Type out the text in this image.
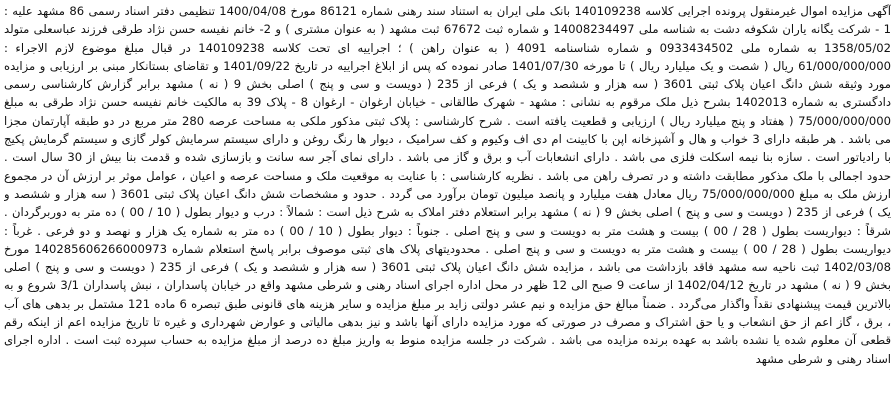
آگهی مزایده اموال غیرمنقول پرونده اجرایی کلاسه 140109238 بانک ملی ایران به استناد سند رهنی شماره 86121 مورخ 1400/04/08 تنظیمی دفتر اسناد رسمی 86 مشهد علیه : 1 - شرکت یگانه یاران شکوفه دشت به شناسه ملی 14008234497 و شماره ثبت 67672 ثبت مشهد ( به عنوان مشتری ) و 2- خانم نفیسه حسن نژاد طرقی فرزند عباسعلی متولد 1358/05/02 به شماره ملی 0933434502 و شماره شناسنامه 4091 ( به عنوان راهن ) ؛ اجراییه ای تحت کلاسه 140109238 در قبال مبلغ موضوع لازم الاجراء : 61/000/000/000 ریال ( شصت و یک میلیارد ریال ) تا مورخه 1401/07/30 صادر نموده که پس از ابلاغ اجراییه در تاریخ 1401/09/22 و تقاضای بستانکار مبنی بر ارزیابی و مزایده مورد وثیقه شش دانگ اعیان پلاک ثبتی 3601 ( سه هزار و ششصد و یک ) فرعی از 235 ( دویست و سی و پنج ) اصلی بخش 9 ( نه ) مشهد برابر گزارش کارشناسی رسمی دادگستری به شماره 1402013 بشرح ذیل ملک مرقوم به نشانی : مشهد - شهرک طالقانی - خیابان ارغوان - ارغوان 8 - پلاک 39 به مالکیت خانم نفیسه حسن نژاد طرقی به مبلغ 75/000/000/000 ( هفتاد و پنج میلیارد ریال ) ارزیابی و قطعیت یافته است . شرح کارشناسی : پلاک ثبتی مذکور ملکی به مساحت عرصه 280 متر مربع در دو طبقه آپارتمان مجزا می باشد . هر طبقه دارای 3 خواب و هال و آشپزخانه اپن با کابینت ام دی اف وکیوم و کف سرامیک ، دیوار ها رنگ روغن و دارای سیستم سرمایش کولر گازی و سیستم گرمایش پکیج با رادیاتور است . سازه بنا نیمه اسکلت فلزی می باشد . دارای انشعابات آب و برق و گاز می باشد . دارای نمای آجر سه سانت و بازسازی شده و قدمت بنا بیش از 30 سال است . حدود اجمالی با ملک مذکور مطابقت داشته و در تصرف راهن می باشد . نظریه کارشناسی : با عنایت به موقعیت ملک و مساحت عرصه و اعیان ، عوامل موثر بر ارزش آن در مجموع ارزش ملک به مبلغ 75/000/000/000 ریال معادل هفت میلیارد و پانصد میلیون تومان برآورد می گردد . حدود و مشخصات شش دانگ اعیان پلاک ثبتی 3601 ( سه هزار و ششصد و یک ) فرعی از 235 ( دویست و سی و پنج ) اصلی بخش 9 ( نه ) مشهد برابر استعلام دفتر املاک به شرح ذیل است : شمالاً : درب و دیوار بطول ( 10 / 00 ) ده متر به دوربرگردان . شرقاً : دیواریست بطول ( 28 / 00 ) بیست و هشت متر به دویست و سی و پنج اصلی . جنوباً : دیوار بطول ( 10 / 00 ) ده متر به شماره یک هزار و نهصد و دو فرعی . غرباً : دیواریست بطول ( 28 / 00 ) بیست و هشت متر به دویست و سی و پنج اصلی . محدودیتهای پلاک های ثبتی موصوف برابر پاسخ استعلام شماره 140285606266000973 مورخ 1402/03/08 ثبت ناحیه سه مشهد فاقد بازداشت می باشد ، مزایده شش دانگ اعیان پلاک ثبتی 3601 ( سه هزار و ششصد و یک ) فرعی از 235 ( دویست و سی و پنج ) اصلی بخش 9 ( نه ) مشهد در تاریخ 1402/04/12 از ساعت 9 صبح الی 12 ظهر در محل اداره اجرای اسناد رهنی و شرطی مشهد واقع در خیابان پاسداران ، نبش پاسداران 3/1 شروع و به بالاترین قیمت پیشنهادی نقداً واگذار می‌گردد . ضمناً مبالغ حق مزایده و نیم عشر دولتی زاید بر مبلغ مزایده و سایر هزینه های قانونی طبق تبصره 6 ماده 121 مشتمل بر بدهی های آب ، برق ، گاز اعم از حق انشعاب و یا حق اشتراک و مصرف در صورتی که مورد مزایده دارای آنها باشد و نیز بدهی مالیاتی و عوارض شهرداری و غیره تا تاریخ مزایده اعم از اینکه رقم قطعی آن معلوم شده یا نشده باشد به عهده برنده مزایده می باشد . شرکت در جلسه مزایده منوط به واریز مبلغ ده درصد از مبلغ مزایده به حساب سپرده ثبت است . اداره اجرای اسناد رهنی و شرطی مشهد
